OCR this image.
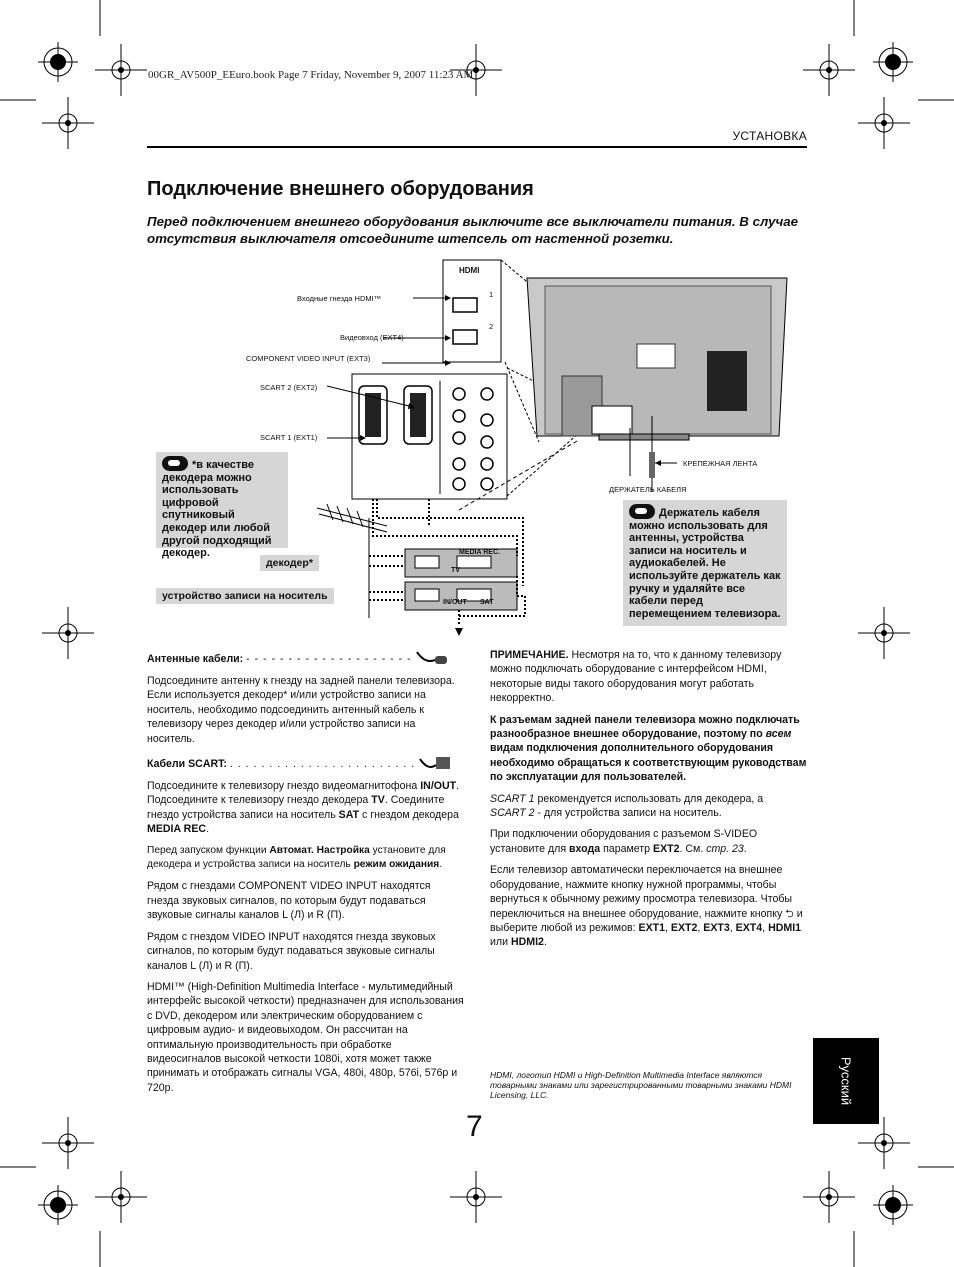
00GR_AV500P_EEuro.book Page 7 Friday, November 9, 2007 11:23 AM
УСТАНОВКА
Подключение внешнего оборудования
Перед подключением внешнего оборудования выключите все выключатели питания. В случае отсутствия выключателя отсоедините штепсель от настенной розетки.
Входные гнезда HDMI™
Видеовход (EXT4)
COMPONENT VIDEO INPUT (EXT3)
SCART 2 (EXT2)
SCART 1 (EXT1)
КРЕПЕЖНАЯ ЛЕНТА
ДЕРЖАТЕЛЬ КАБЕЛЯ
HDMI
1
2
MEDIA REC.
TV
IN/OUT SAT
*в качестве декодера можно использовать цифровой спутниковый декодер или любой другой подходящий декодер.
декодер*
устройство записи на носитель
Держатель кабеля можно использовать для антенны, устройства записи на носитель и аудиокабелей. Не используйте держатель как ручку и удаляйте все кабели перед перемещением телевизора.

Антенные кабели: - - - - - - - - - - - - - - - - - - - -

Подсоедините антенну к гнезду на задней панели телевизора. Если используется декодер* и/или устройство записи на носитель, необходимо подсоединить антенный кабель к телевизору через декодер и/или устройство записи на носитель.

Кабели SCART: . . . . . . . . . . . . . . . . . . . . . . . .

Подсоедините к телевизору гнездо видеомагнитофона IN/OUT. Подсоедините к телевизору гнездо декодера TV. Соедините гнездо устройства записи на носитель SAT с гнездом декодера MEDIA REC.

Перед запуском функции Автомат. Настройка установите для декодера и устройства записи на носитель режим ожидания.

Рядом с гнездами COMPONENT VIDEO INPUT находятся гнезда звуковых сигналов, по которым будут подаваться звуковые сигналы каналов L (Л) и R (П).

Рядом с гнездом VIDEO INPUT находятся гнезда звуковых сигналов, по которым будут подаваться звуковые сигналы каналов L (Л) и R (П).

HDMI™ (High-Definition Multimedia Interface - мультимедийный интерфейс высокой четкости) предназначен для использования с DVD, декодером или электрическим оборудованием с цифровым аудио- и видеовыходом. Он рассчитан на оптимальную производительность при обработке видеосигналов высокой четкости 1080i, хотя может также принимать и отображать сигналы VGA, 480i, 480p, 576i, 576p и 720p.

ПРИМЕЧАНИЕ. Несмотря на то, что к данному телевизору можно подключать оборудование с интерфейсом HDMI, некоторые виды такого оборудования могут работать некорректно.

К разъемам задней панели телевизора можно подключать разнообразное внешнее оборудование, поэтому по всем видам подключения дополнительного оборудования необходимо обращаться к соответствующим руководствам по эксплуатации для пользователей.

SCART 1 рекомендуется использовать для декодера, а
SCART 2 - для устройства записи на носитель.

При подключении оборудования с разъемом S-VIDEO установите для входа параметр EXT2. См. стр. 23.

Если телевизор автоматически переключается на внешнее оборудование, нажмите кнопку нужной программы, чтобы вернуться к обычному режиму просмотра телевизора. Чтобы переключиться на внешнее оборудование, нажмите кнопку ⮌ и выберите любой из режимов: EXT1, EXT2, EXT3, EXT4, HDMI1 или HDMI2.

HDMI, логотип HDMI и High-Definition Multimedia Interface являются товарными знаками или зарегистрированными товарными знаками HDMI Licensing, LLC.	Русский
7
